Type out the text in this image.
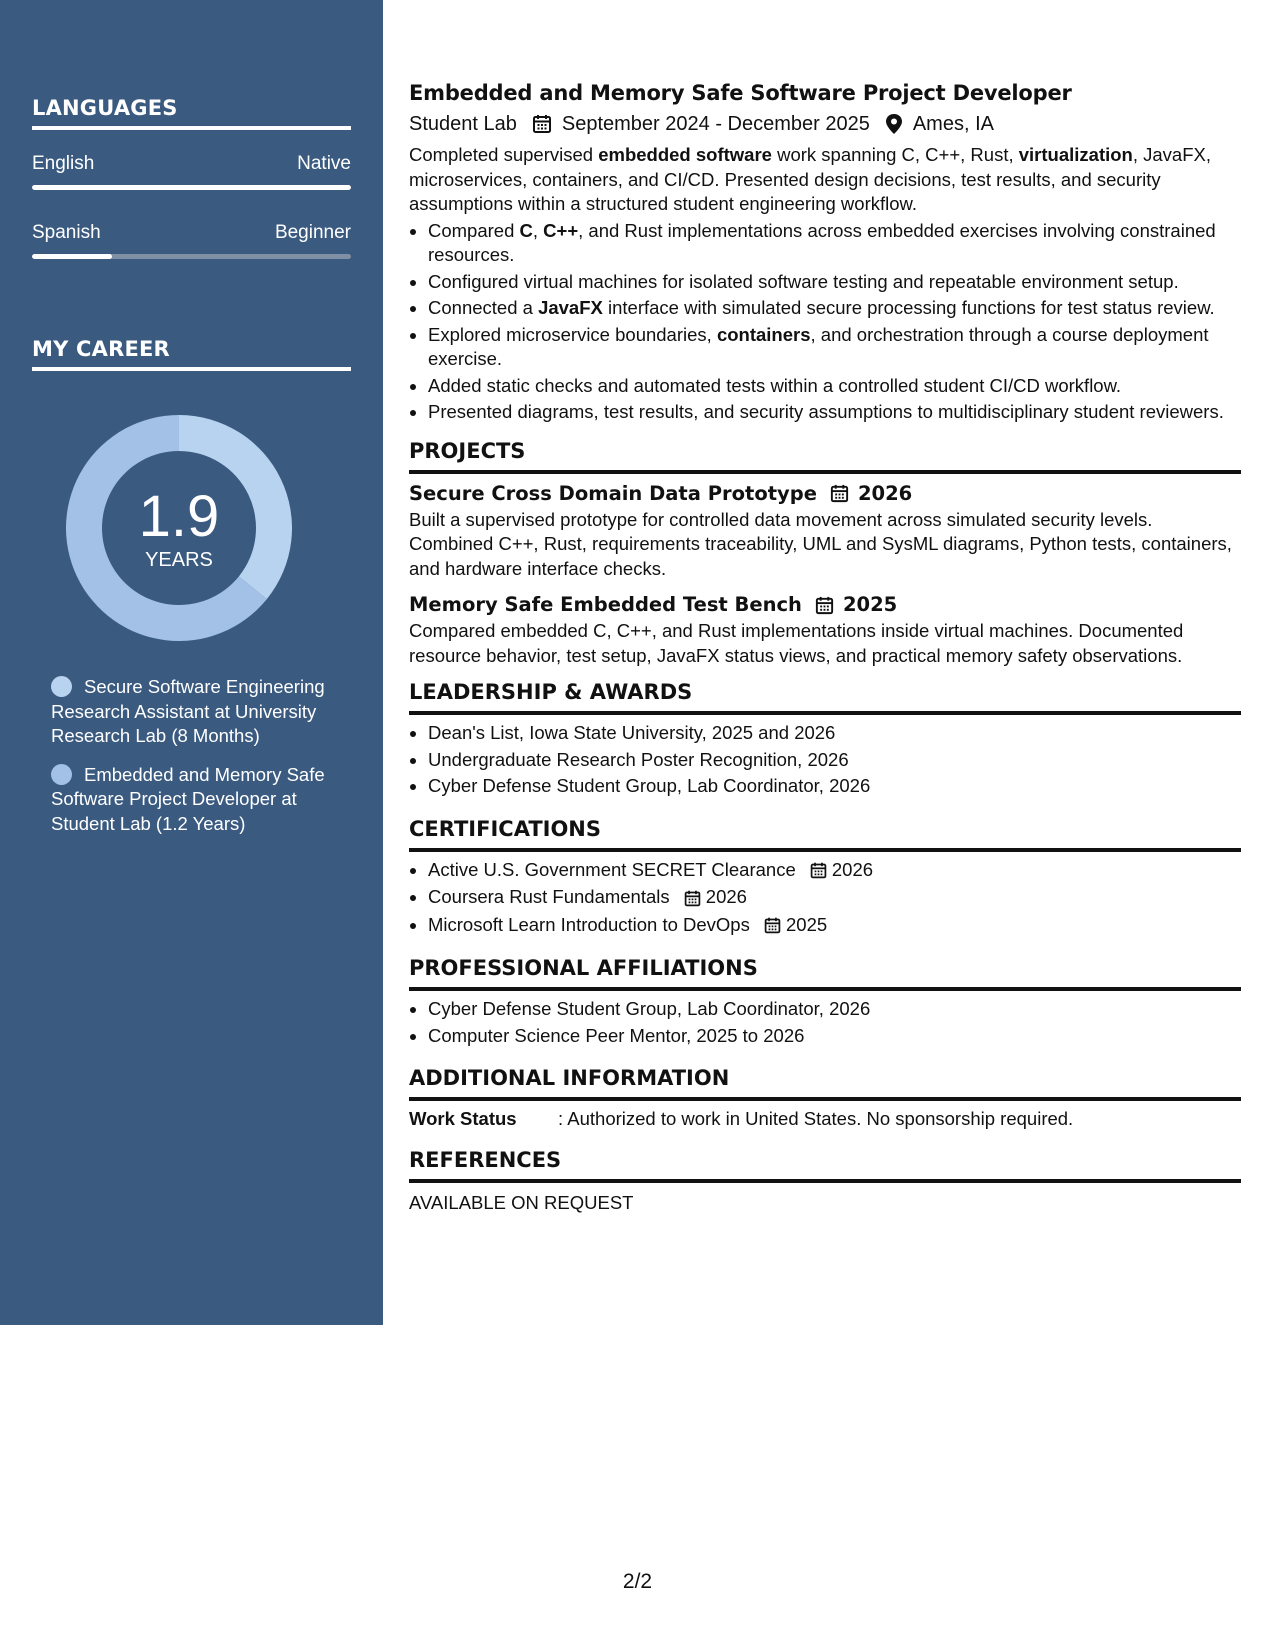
LANGUAGES
English	Native
Spanish	Beginner
MY CAREER
1.9
YEARS
Secure Software Engineering Research Assistant at University Research Lab (8 Months)
Embedded and Memory Safe Software Project Developer at Student Lab (1.2 Years)
Embedded and Memory Safe Software Project Developer
Student Lab September 2024 - December 2025 Ames, IA
Completed supervised embedded software work spanning C, C++, Rust, virtualization, JavaFX, microservices, containers, and CI/CD. Presented design decisions, test results, and security assumptions within a structured student engineering workflow.
• Compared C, C++, and Rust implementations across embedded exercises involving constrained resources.
• Configured virtual machines for isolated software testing and repeatable environment setup.
• Connected a JavaFX interface with simulated secure processing functions for test status review.
• Explored microservice boundaries, containers, and orchestration through a course deployment exercise.
• Added static checks and automated tests within a controlled student CI/CD workflow.
• Presented diagrams, test results, and security assumptions to multidisciplinary student reviewers.
PROJECTS
Secure Cross Domain Data Prototype 2026
Built a supervised prototype for controlled data movement across simulated security levels. Combined C++, Rust, requirements traceability, UML and SysML diagrams, Python tests, containers, and hardware interface checks.
Memory Safe Embedded Test Bench 2025
Compared embedded C, C++, and Rust implementations inside virtual machines. Documented resource behavior, test setup, JavaFX status views, and practical memory safety observations.
LEADERSHIP & AWARDS
• Dean's List, Iowa State University, 2025 and 2026
• Undergraduate Research Poster Recognition, 2026
• Cyber Defense Student Group, Lab Coordinator, 2026
CERTIFICATIONS
• Active U.S. Government SECRET Clearance 2026
• Coursera Rust Fundamentals 2026
• Microsoft Learn Introduction to DevOps 2025
PROFESSIONAL AFFILIATIONS
• Cyber Defense Student Group, Lab Coordinator, 2026
• Computer Science Peer Mentor, 2025 to 2026
ADDITIONAL INFORMATION
Work Status	: Authorized to work in United States. No sponsorship required.
REFERENCES
AVAILABLE ON REQUEST
2/2
